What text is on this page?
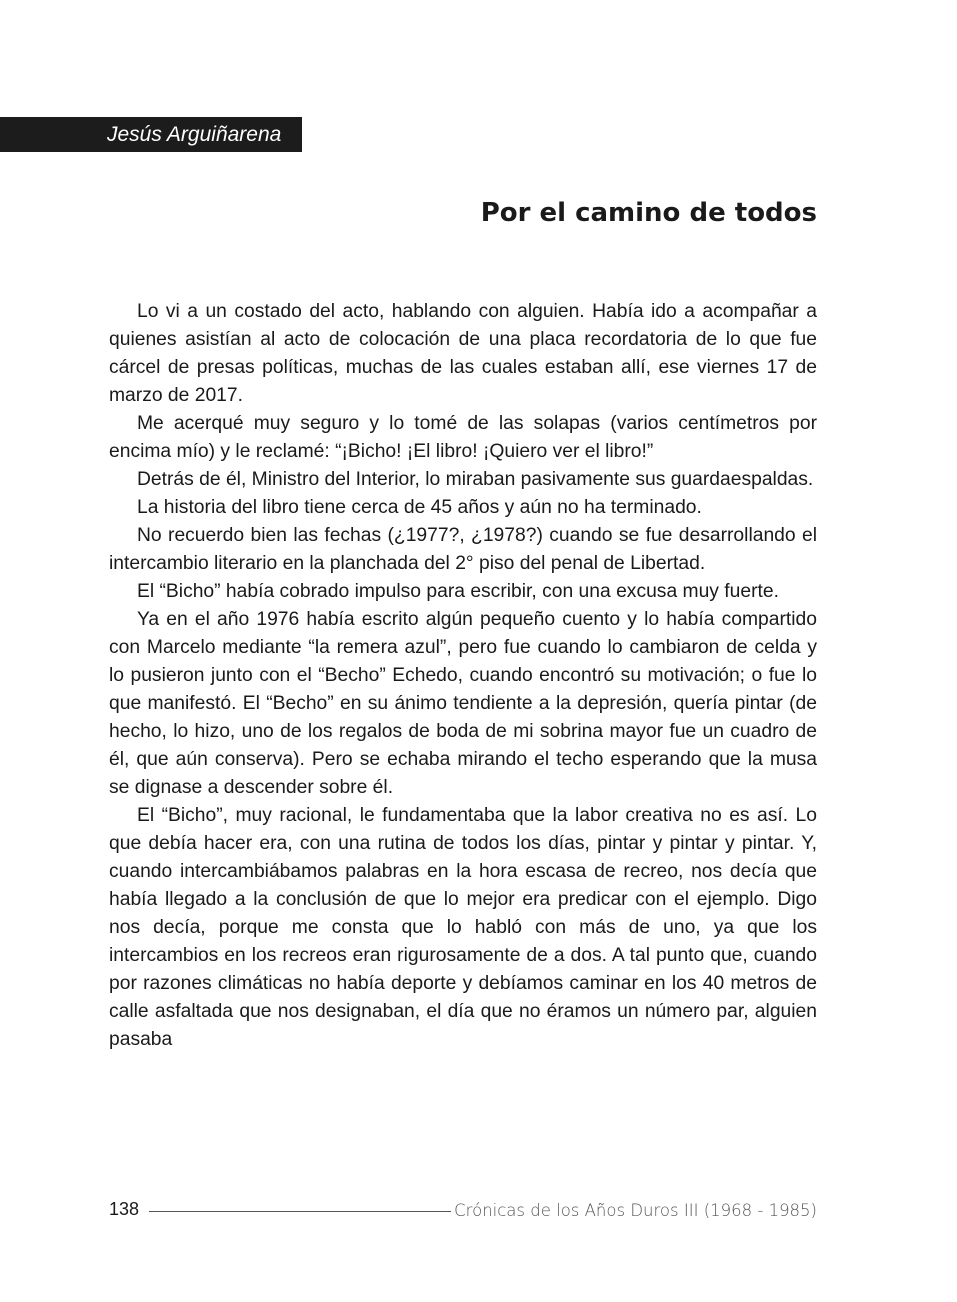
Jesús Arguiñarena
Por el camino de todos

Lo vi a un costado del acto, hablando con alguien. Había ido a acompañar a quienes asistían al acto de colocación de una placa recordatoria de lo que fue cárcel de presas políticas, muchas de las cuales estaban allí, ese viernes 17 de marzo de 2017.

Me acerqué muy seguro y lo tomé de las solapas (varios centímetros por encima mío) y le reclamé: “¡Bicho! ¡El libro! ¡Quiero ver el libro!”

Detrás de él, Ministro del Interior, lo miraban pasivamente sus guardaespaldas.

La historia del libro tiene cerca de 45 años y aún no ha terminado.

No recuerdo bien las fechas (¿1977?, ¿1978?) cuando se fue desarrollando el intercambio literario en la planchada del 2° piso del penal de Libertad.

El “Bicho” había cobrado impulso para escribir, con una excusa muy fuerte.

Ya en el año 1976 había escrito algún pequeño cuento y lo había compartido con Marcelo mediante “la remera azul”, pero fue cuando lo cambiaron de celda y lo pusieron junto con el “Becho” Echedo, cuando encontró su motivación; o fue lo que manifestó. El “Becho” en su ánimo tendiente a la depresión, quería pintar (de hecho, lo hizo, uno de los regalos de boda de mi sobrina mayor fue un cuadro de él, que aún conserva). Pero se echaba mirando el techo esperando que la musa se dignase a descender sobre él.

El “Bicho”, muy racional, le fundamentaba que la labor creativa no es así. Lo que debía hacer era, con una rutina de todos los días, pintar y pintar y pintar. Y, cuando intercambiábamos palabras en la hora escasa de recreo, nos decía que había llegado a la conclusión de que lo mejor era predicar con el ejemplo. Digo nos decía, porque me consta que lo habló con más de uno, ya que los intercambios en los recreos eran rigurosamente de a dos. A tal punto que, cuando por razones climáticas no había deporte y debíamos caminar en los 40 metros de calle asfaltada que nos designaban, el día que no éramos un número par, alguien pasaba

138	Crónicas de los Años Duros III (1968 - 1985)
